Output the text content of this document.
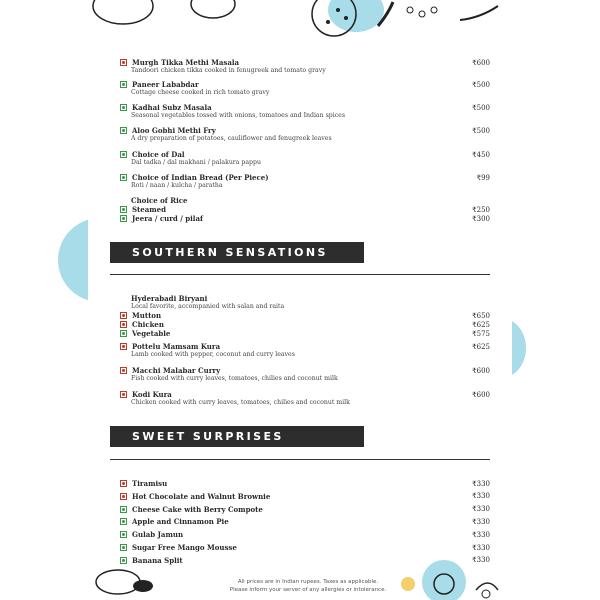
Murgh Tikka Methi Masala	₹600
Tandoori chicken tikka cooked in fenugreek and tomato gravy
Paneer Lababdar	₹500
Cottage cheese cooked in rich tomato gravy
Kadhai Subz Masala	₹500
Seasonal vegetables tossed with onions, tomatoes and Indian spices
Aloo Gobhi Methi Fry	₹500
A dry preparation of potatoes, cauliflower and fenugreek leaves
Choice of Dal	₹450
Dal tadka / dal makhani / palakura pappu
Choice of Indian Bread (Per Piece)	₹99
Roti / naan / kulcha / paratha
Choice of Rice
Steamed	₹250
Jeera / curd / pilaf	₹300
SOUTHERN SENSATIONS
Hyderabadi Biryani
Local favorite, accompanied with salan and raita
Mutton	₹650
Chicken	₹625
Vegetable	₹575
Pottelu Mamsam Kura	₹625
Lamb cooked with pepper, coconut and curry leaves
Macchi Malabar Curry	₹600
Fish cooked with curry leaves, tomatoes, chilies and coconut milk
Kodi Kura	₹600
Chicken cooked with curry leaves, tomatoes, chilies and coconut milk
SWEET SURPRISES
Tiramisu	₹330
Hot Chocolate and Walnut Brownie	₹330
Cheese Cake with Berry Compote	₹330
Apple and Cinnamon Pie	₹330
Gulab Jamun	₹330
Sugar Free Mango Mousse	₹330
Banana Split	₹330
All prices are in Indian rupees. Taxes as applicable.
Please inform your server of any allergies or intolerance.
